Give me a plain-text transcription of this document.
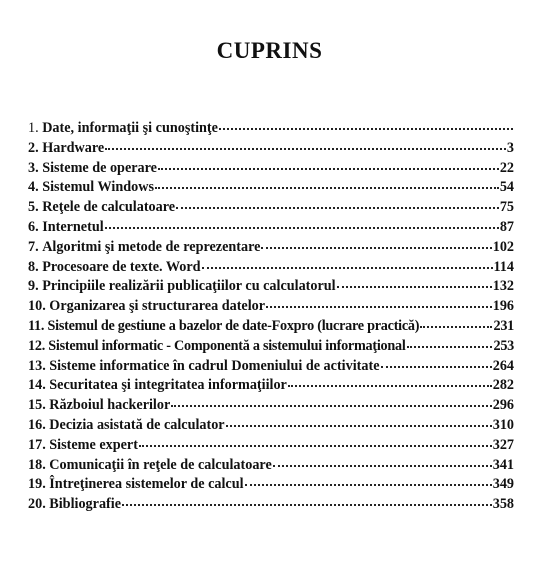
CUPRINS
1. Date, informaţii şi cunoştinţe
2. Hardware	3
3. Sisteme de operare	22
4. Sistemul Windows	54
5. Reţele de calculatoare	75
6. Internetul	87
7. Algoritmi şi metode de reprezentare	102
8. Procesoare de texte. Word	114
9. Principiile realizării publicaţiilor cu calculatorul	132
10. Organizarea şi structurarea datelor	196
11. Sistemul de gestiune a bazelor de date-Foxpro (lucrare practică)	231
12. Sistemul informatic - Componentă a sistemului informaţional	253
13. Sisteme informatice în cadrul Domeniului de activitate	264
14. Securitatea şi integritatea informaţiilor	282
15. Războiul hackerilor	296
16. Decizia asistată de calculator	310
17. Sisteme expert	327
18. Comunicaţii în reţele de calculatoare	341
19. Întreţinerea sistemelor de calcul	349
20. Bibliografie	358
